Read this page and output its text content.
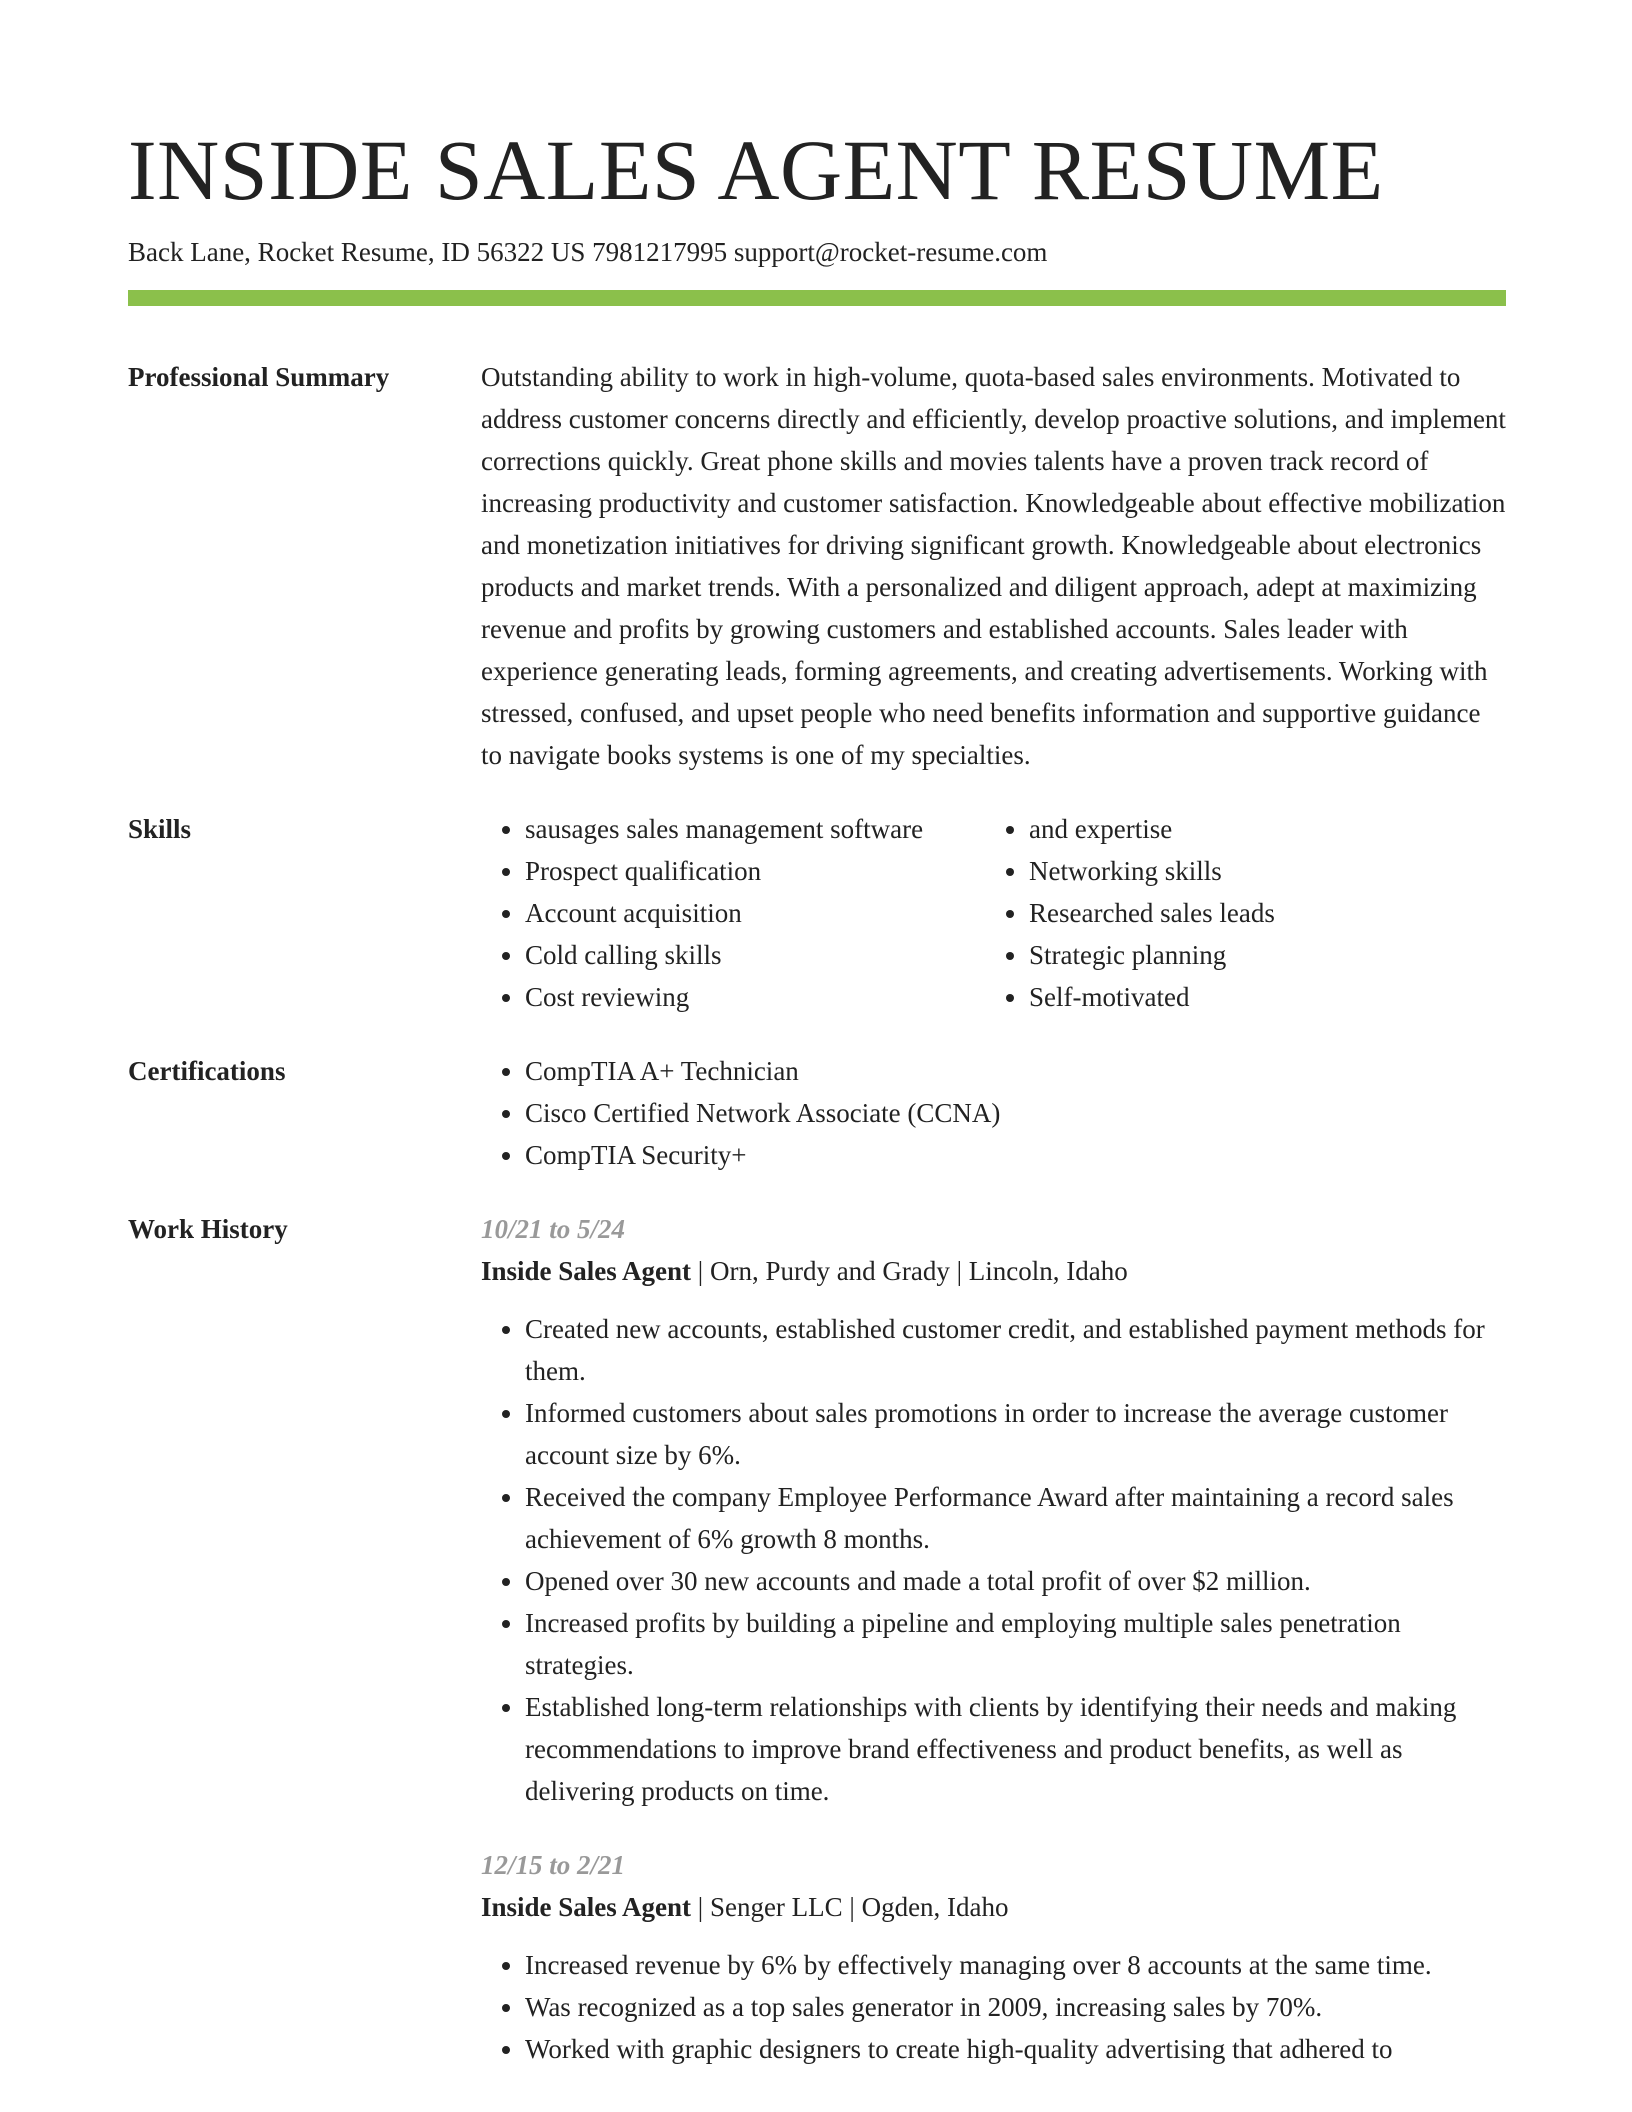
INSIDE SALES AGENT RESUME
Back Lane, Rocket Resume, ID 56322 US 7981217995 support@rocket-resume.com
Professional Summary	Outstanding ability to work in high-volume, quota-based sales environments. Motivated to address customer concerns directly and efficiently, develop proactive solutions, and implement corrections quickly. Great phone skills and movies talents have a proven track record of increasing productivity and customer satisfaction. Knowledgeable about effective mobilization and monetization initiatives for driving significant growth. Knowledgeable about electronics products and market trends. With a personalized and diligent approach, adept at maximizing revenue and profits by growing customers and established accounts. Sales leader with experience generating leads, forming agreements, and creating advertisements. Working with stressed, confused, and upset people who need benefits information and supportive guidance to navigate books systems is one of my specialties.

Skills	• sausages sales management software
• Prospect qualification
• Account acquisition
• Cold calling skills
• Cost reviewing
• and expertise
• Networking skills
• Researched sales leads
• Strategic planning
• Self-motivated
Certifications	• CompTIA A+ Technician
• Cisco Certified Network Associate (CCNA)
• CompTIA Security+
Work History	10/21 to 5/24
Inside Sales Agent | Orn, Purdy and Grady | Lincoln, Idaho
• Created new accounts, established customer credit, and established payment methods for them.
• Informed customers about sales promotions in order to increase the average customer account size by 6%.
• Received the company Employee Performance Award after maintaining a record sales achievement of 6% growth 8 months.
• Opened over 30 new accounts and made a total profit of over $2 million.
• Increased profits by building a pipeline and employing multiple sales penetration strategies.
• Established long-term relationships with clients by identifying their needs and making recommendations to improve brand effectiveness and product benefits, as well as delivering products on time.
12/15 to 2/21
Inside Sales Agent | Senger LLC | Ogden, Idaho
• Increased revenue by 6% by effectively managing over 8 accounts at the same time.
• Was recognized as a top sales generator in 2009, increasing sales by 70%.
• Worked with graphic designers to create high-quality advertising that adhered to
